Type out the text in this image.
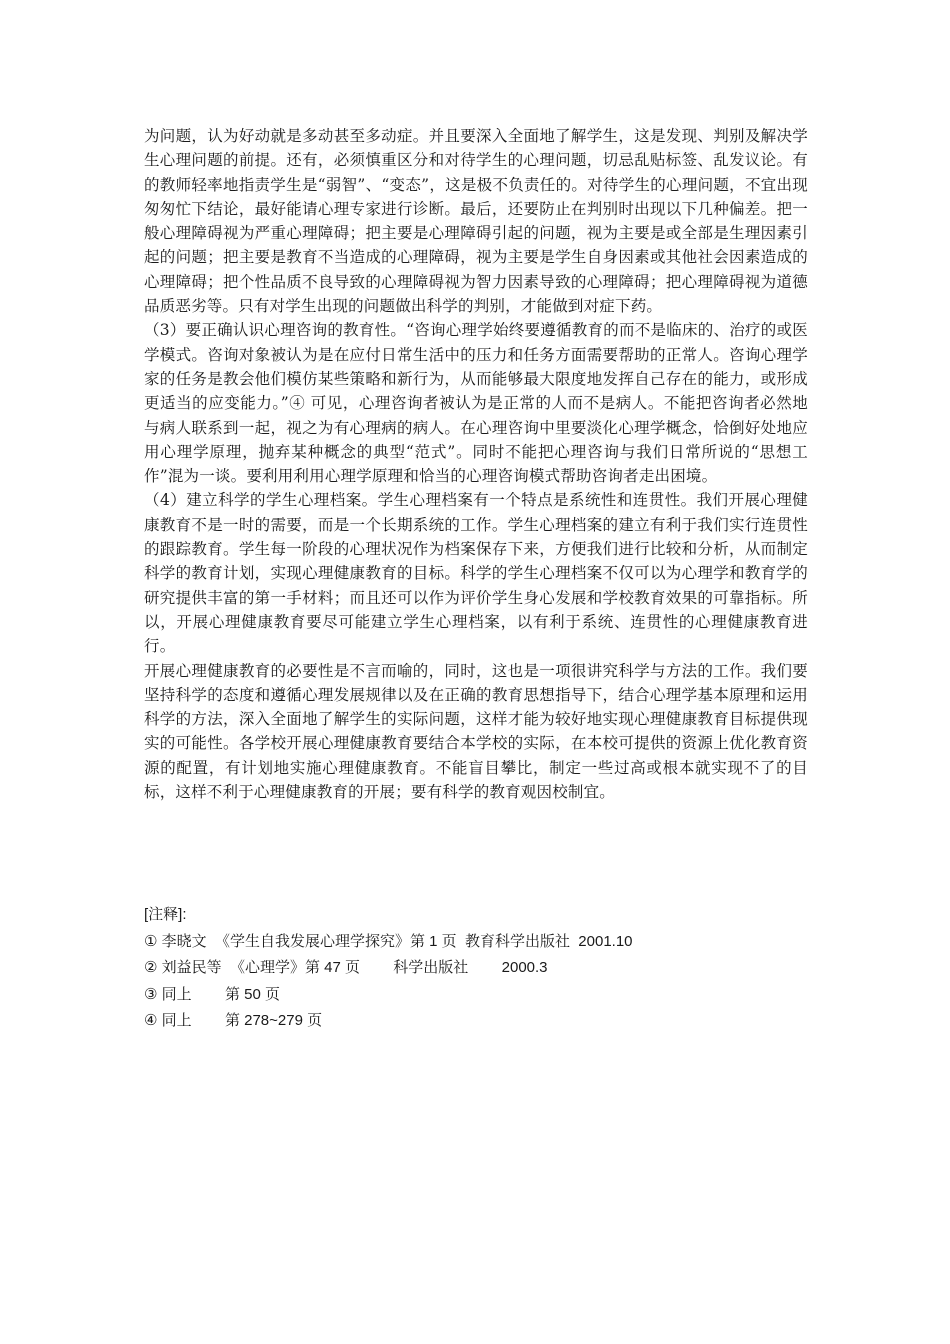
为问题，认为好动就是多动甚至多动症。并且要深入全面地了解学生，这是发现、判别及解决学生心理问题的前提。还有，必须慎重区分和对待学生的心理问题，切忌乱贴标签、乱发议论。有的教师轻率地指责学生是“弱智”、“变态”，这是极不负责任的。对待学生的心理问题，不宜出现匆匆忙下结论，最好能请心理专家进行诊断。最后，还要防止在判别时出现以下几种偏差。把一般心理障碍视为严重心理障碍；把主要是心理障碍引起的问题，视为主要是或全部是生理因素引起的问题；把主要是教育不当造成的心理障碍，视为主要是学生自身因素或其他社会因素造成的心理障碍；把个性品质不良导致的心理障碍视为智力因素导致的心理障碍；把心理障碍视为道德品质恶劣等。只有对学生出现的问题做出科学的判别，才能做到对症下药。

（3）要正确认识心理咨询的教育性。“咨询心理学始终要遵循教育的而不是临床的、治疗的或医学模式。咨询对象被认为是在应付日常生活中的压力和任务方面需要帮助的正常人。咨询心理学家的任务是教会他们模仿某些策略和新行为，从而能够最大限度地发挥自己存在的能力，或形成更适当的应变能力。”④ 可见，心理咨询者被认为是正常的人而不是病人。不能把咨询者必然地与病人联系到一起，视之为有心理病的病人。在心理咨询中里要淡化心理学概念，恰倒好处地应用心理学原理，抛弃某种概念的典型“范式”。同时不能把心理咨询与我们日常所说的“思想工作”混为一谈。要利用利用心理学原理和恰当的心理咨询模式帮助咨询者走出困境。

（4）建立科学的学生心理档案。学生心理档案有一个特点是系统性和连贯性。我们开展心理健康教育不是一时的需要，而是一个长期系统的工作。学生心理档案的建立有利于我们实行连贯性的跟踪教育。学生每一阶段的心理状况作为档案保存下来，方便我们进行比较和分析，从而制定科学的教育计划，实现心理健康教育的目标。科学的学生心理档案不仅可以为心理学和教育学的研究提供丰富的第一手材料；而且还可以作为评价学生身心发展和学校教育效果的可靠指标。所以，开展心理健康教育要尽可能建立学生心理档案，以有利于系统、连贯性的心理健康教育进行。

开展心理健康教育的必要性是不言而喻的，同时，这也是一项很讲究科学与方法的工作。我们要坚持科学的态度和遵循心理发展规律以及在正确的教育思想指导下，结合心理学基本原理和运用科学的方法，深入全面地了解学生的实际问题，这样才能为较好地实现心理健康教育目标提供现实的可能性。各学校开展心理健康教育要结合本学校的实际，在本校可提供的资源上优化教育资源的配置，有计划地实施心理健康教育。不能盲目攀比，制定一些过高或根本就实现不了的目标，这样不利于心理健康教育的开展；要有科学的教育观因校制宜。

[注释]:
① 李晓文  《学生自我发展心理学探究》第 1 页  教育科学出版社  2001.10
② 刘益民等  《心理学》第 47 页        科学出版社        2000.3
③ 同上        第 50 页
④ 同上        第 278~279 页
